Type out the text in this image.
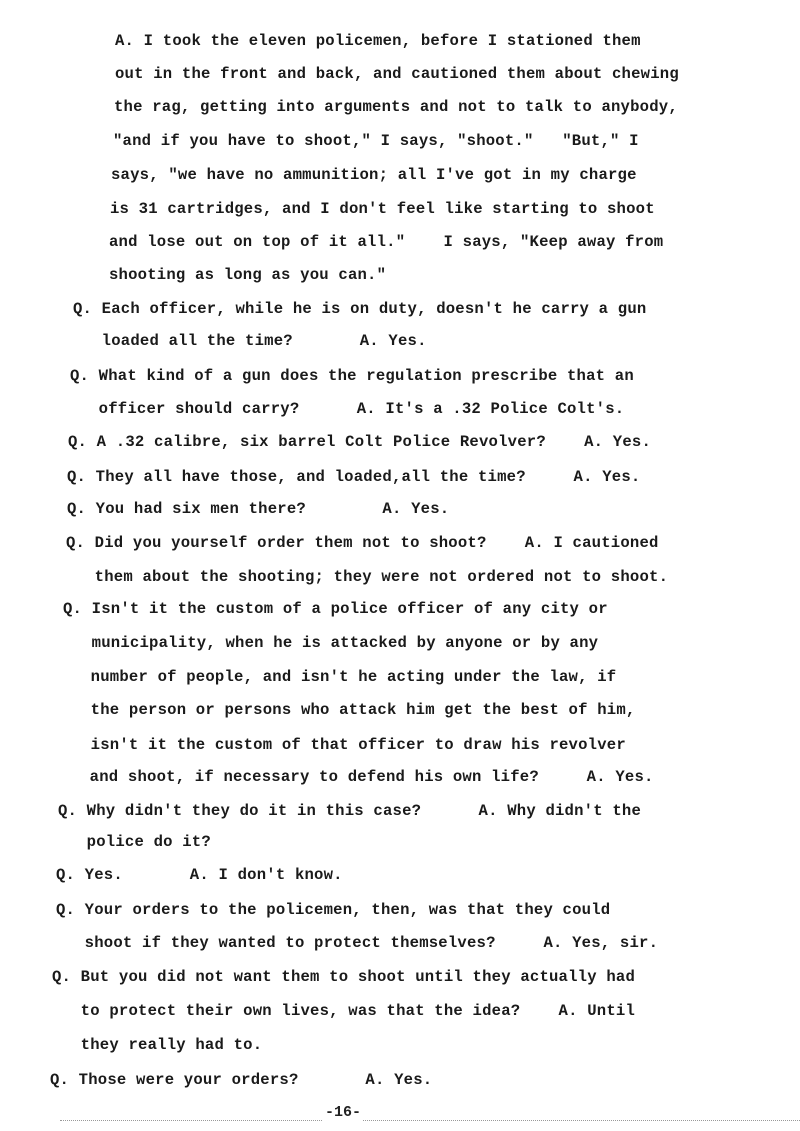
A. I took the eleven policemen, before I stationed them
out in the front and back, and cautioned them about chewing
the rag, getting into arguments and not to talk to anybody,
"and if you have to shoot," I says, "shoot."   "But," I
says, "we have no ammunition; all I've got in my charge
is 31 cartridges, and I don't feel like starting to shoot
and lose out on top of it all."    I says, "Keep away from
shooting as long as you can."
Q. Each officer, while he is on duty, doesn't he carry a gun
loaded all the time?       A. Yes.
Q. What kind of a gun does the regulation prescribe that an
officer should carry?      A. It's a .32 Police Colt's.
Q. A .32 calibre, six barrel Colt Police Revolver?    A. Yes.
Q. They all have those, and loaded,all the time?     A. Yes.
Q. You had six men there?        A. Yes.
Q. Did you yourself order them not to shoot?    A. I cautioned
them about the shooting; they were not ordered not to shoot.
Q. Isn't it the custom of a police officer of any city or
municipality, when he is attacked by anyone or by any
number of people, and isn't he acting under the law, if
the person or persons who attack him get the best of him,
isn't it the custom of that officer to draw his revolver
and shoot, if necessary to defend his own life?     A. Yes.
Q. Why didn't they do it in this case?      A. Why didn't the
police do it?
Q. Yes.       A. I don't know.
Q. Your orders to the policemen, then, was that they could
shoot if they wanted to protect themselves?     A. Yes, sir.
Q. But you did not want them to shoot until they actually had
to protect their own lives, was that the idea?    A. Until
they really had to.
Q. Those were your orders?       A. Yes.
-16-
